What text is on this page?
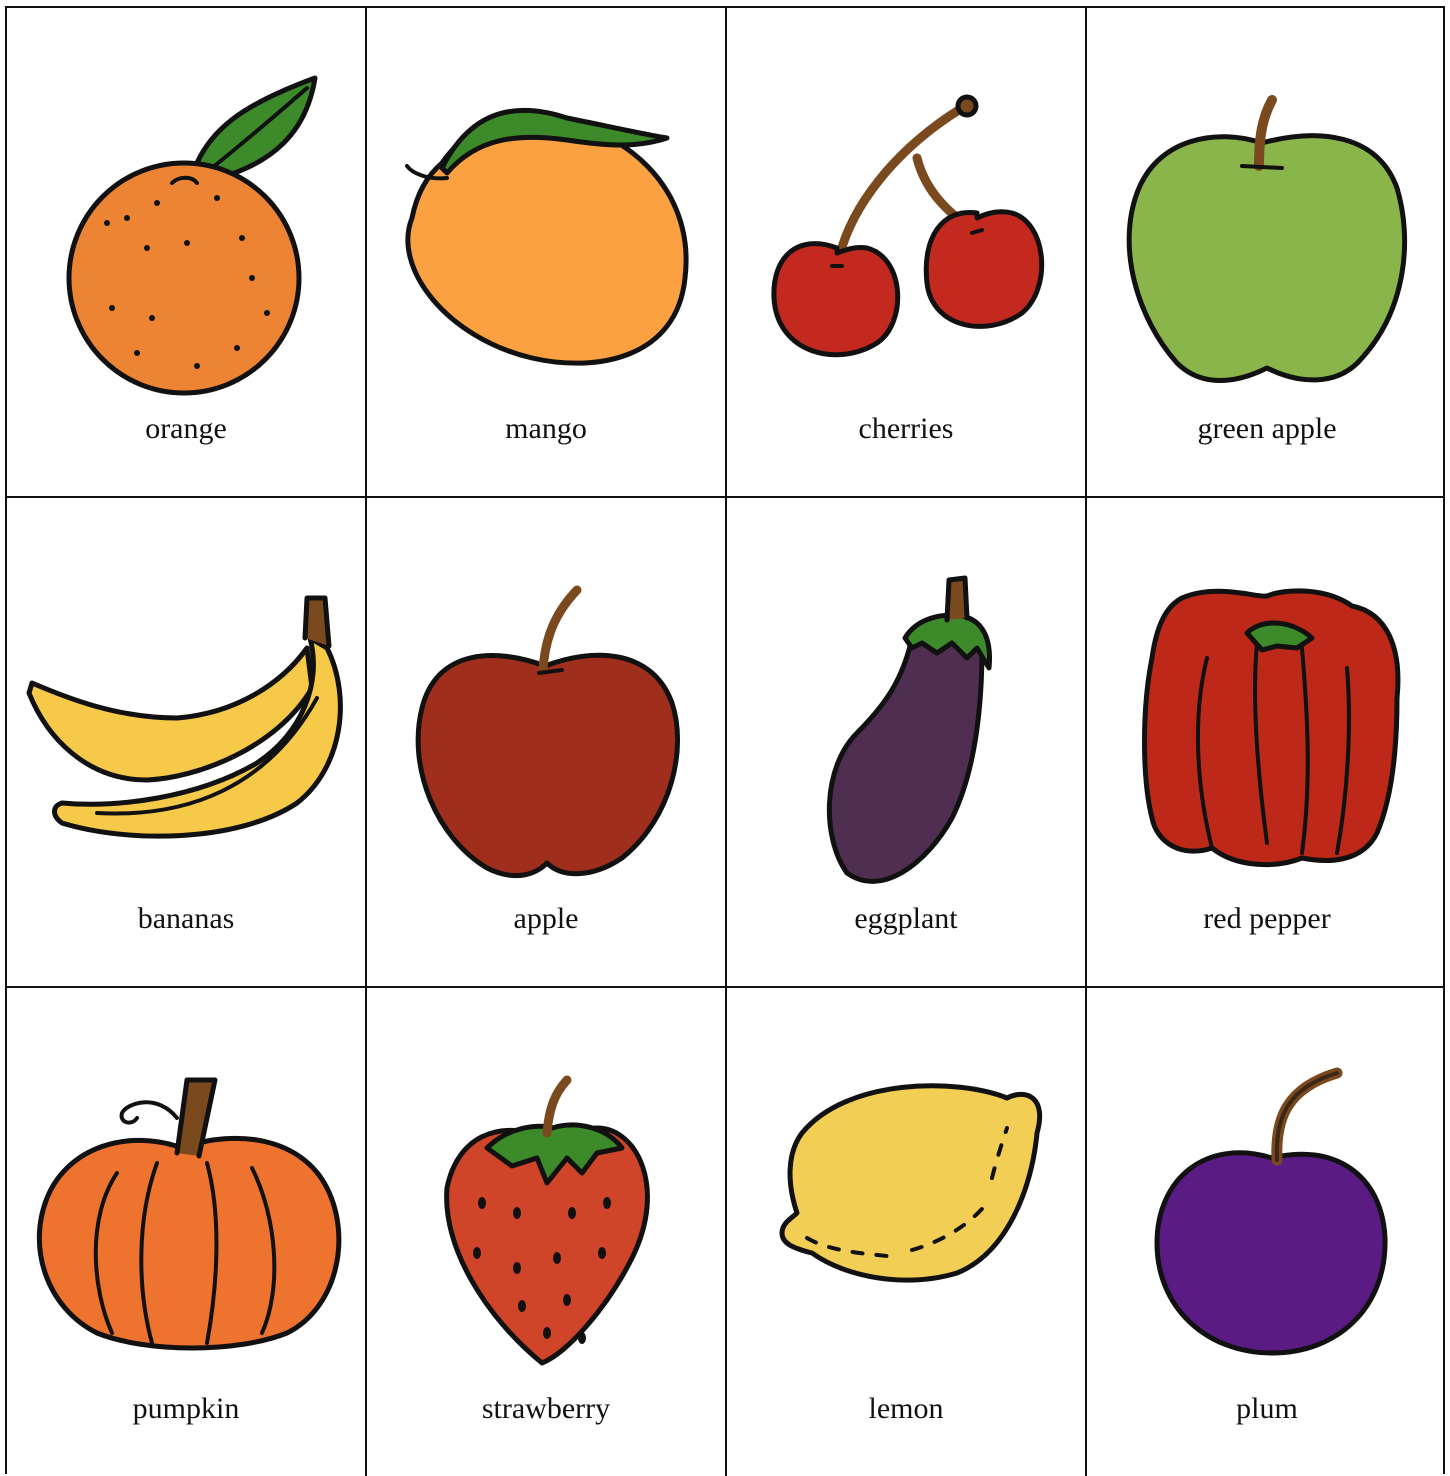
orange	mango	cherries	green apple
bananas	apple	eggplant	red pepper
pumpkin	strawberry	lemon	plum
